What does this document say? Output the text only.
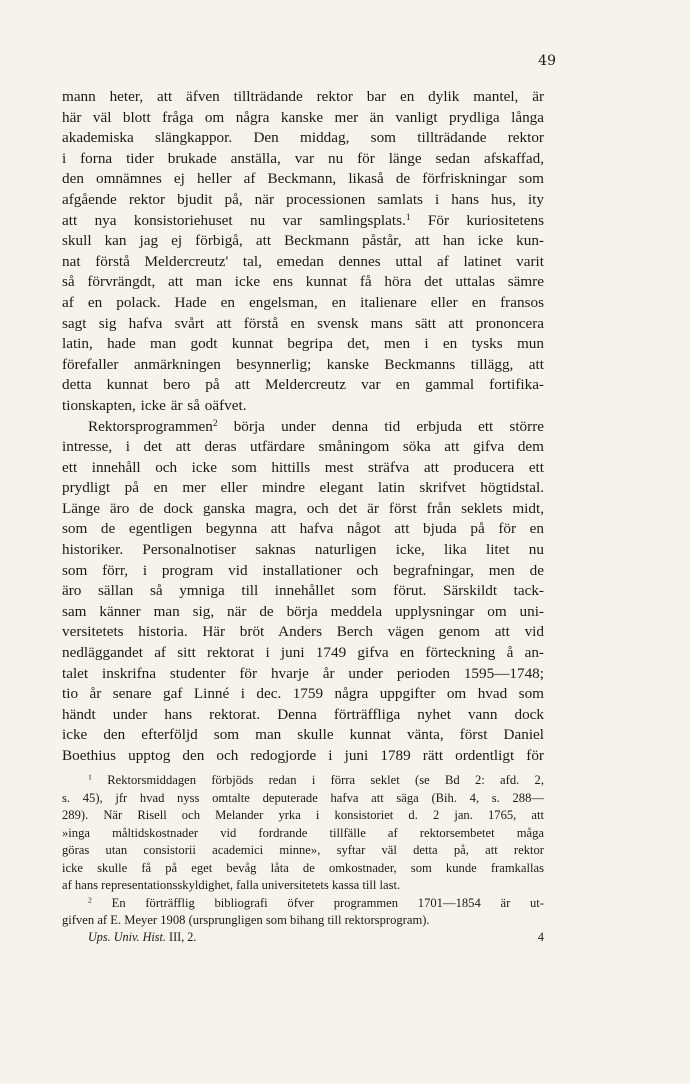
49

mann heter, att äfven tillträdande rektor bar en dylik mantel, är

här väl blott fråga om några kanske mer än vanligt prydliga långa

akademiska slängkappor. Den middag, som tillträdande rektor

i forna tider brukade anställa, var nu för länge sedan afskaffad,

den omnämnes ej heller af Beckmann, likaså de förfriskningar som

afgående rektor bjudit på, när processionen samlats i hans hus, ity

att nya konsistoriehuset nu var samlingsplats.$^1$ För kuriositetens

skull kan jag ej förbigå, att Beckmann påstår, att han icke kun-

nat förstå Meldercreutz' tal, emedan dennes uttal af latinet varit

så förvrängdt, att man icke ens kunnat få höra det uttalas sämre

af en polack. Hade en engelsman, en italienare eller en fransos

sagt sig hafva svårt att förstå en svensk mans sätt att prononcera

latin, hade man godt kunnat begripa det, men i en tysks mun

förefaller anmärkningen besynnerlig; kanske Beckmanns tillägg, att

detta kunnat bero på att Meldercreutz var en gammal fortifika-

tionskapten, icke är så oäfvet.

Rektorsprogrammen$^2$ börja under denna tid erbjuda ett större

intresse, i det att deras utfärdare småningom söka att gifva dem

ett innehåll och icke som hittills mest sträfva att producera ett

prydligt på en mer eller mindre elegant latin skrifvet högtidstal.

Länge äro de dock ganska magra, och det är först från seklets midt,

som de egentligen begynna att hafva något att bjuda på för en

historiker. Personalnotiser saknas naturligen icke, lika litet nu

som förr, i program vid installationer och begrafningar, men de

äro sällan så ymniga till innehållet som förut. Särskildt tack-

sam känner man sig, när de börja meddela upplysningar om uni-

versitetets historia. Här bröt Anders Berch vägen genom att vid

nedläggandet af sitt rektorat i juni 1749 gifva en förteckning å an-

talet inskrifna studenter för hvarje år under perioden 1595—1748;

tio år senare gaf Linné i dec. 1759 några uppgifter om hvad som

händt under hans rektorat. Denna förträffliga nyhet vann dock

icke den efterföljd som man skulle kunnat vänta, först Daniel

Boethius upptog den och redogjorde i juni 1789 rätt ordentligt för

$^1$ Rektorsmiddagen förbjöds redan i förra seklet (se Bd 2: afd. 2,

s. 45), jfr hvad nyss omtalte deputerade hafva att säga (Bih. 4, s. 288—

289). När Risell och Melander yrka i konsistoriet d. 2 jan. 1765, att

»inga måltidskostnader vid fordrande tillfälle af rektorsembetet måga

göras utan consistorii academici minne», syftar väl detta på, att rektor

icke skulle få på eget bevåg låta de omkostnader, som kunde framkallas

af hans representationsskyldighet, falla universitetets kassa till last.

$^2$ En förträfflig bibliografi öfver programmen 1701—1854 är ut-

gifven af E. Meyer 1908 (ursprungligen som bihang till rektorsprogram).

Ups. Univ. Hist. III, 2.	4
